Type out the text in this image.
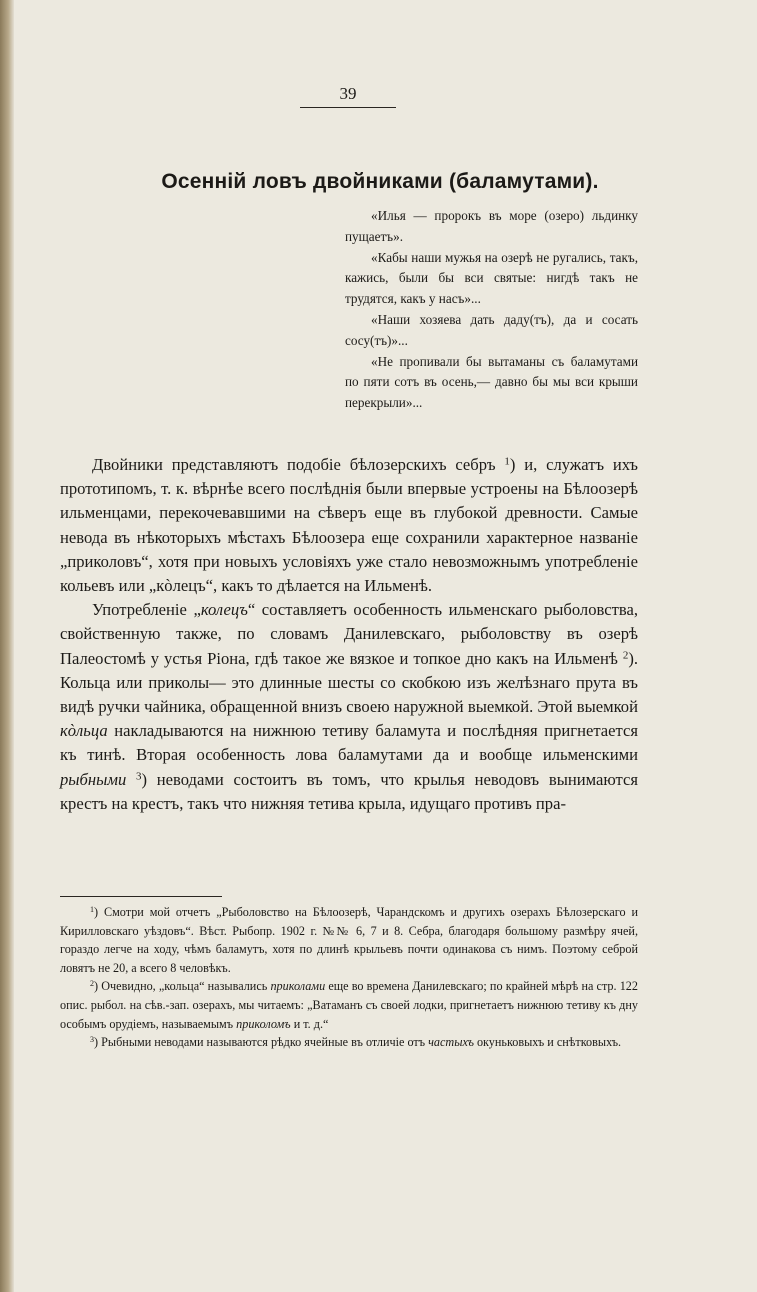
39
Осенній ловъ двойниками (баламутами).

«Илья — пророкъ въ море (озеро) льдинку пущаетъ».

«Кабы наши мужья на озерѣ не ругались, такъ, кажись, были бы вси святые: нигдѣ такъ не трудятся, какъ у насъ»...

«Наши хозяева дать даду(тъ), да и сосать сосу(тъ)»...

«Не пропивали бы вытаманы съ баламутами по пяти сотъ въ осень,— давно бы мы вси крыши перекрыли»...

Двойники представляютъ подобіе бѣлозерскихъ себръ $^1$) и, служатъ ихъ прототипомъ, т. к. вѣрнѣе всего послѣднія были впервые устроены на Бѣлоозерѣ ильменцами, перекочевавшими на сѣверъ еще въ глубокой древности. Самые невода въ нѣкоторыхъ мѣстахъ Бѣлоозера еще сохранили характерное названіе „приколовъ“, хотя при новыхъ условіяхъ уже стало невозможнымъ употребленіе кольевъ или „кòлецъ“, какъ то дѣлается на Ильменѣ.

Употребленіе „колецъ“ составляетъ особенность ильменскаго рыболовства, свойственную также, по словамъ Данилевскаго, рыболовству въ озерѣ Палеостомѣ у устья Ріона, гдѣ такое же вязкое и топкое дно какъ на Ильменѣ $^2$). Кольца или приколы— это длинные шесты со скобкою изъ желѣзнаго прута въ видѣ ручки чайника, обращенной внизъ своею наружной выемкой. Этой выемкой кòльца накладываются на нижнюю тетиву баламута и послѣдняя пригнетается къ тинѣ. Вторая особенность лова баламутами да и вообще ильменскими рыбными $^3$) неводами состоитъ въ томъ, что крылья неводовъ вынимаются крестъ на крестъ, такъ что нижняя тетива крыла, идущаго противъ пра-

$^1$) Смотри мой отчетъ „Рыболовство на Бѣлоозерѣ, Чарандскомъ и другихъ озерахъ Бѣлозерскаго и Кирилловскаго уѣздовъ“. Вѣст. Рыбопр. 1902 г. №№ 6, 7 и 8. Себра, благодаря большому размѣру ячей, гораздо легче на ходу, чѣмъ баламутъ, хотя по длинѣ крыльевъ почти одинакова съ нимъ. Поэтому себрой ловятъ не 20, а всего 8 человѣкъ.

$^2$) Очевидно, „кольца“ назывались приколами еще во времена Данилевскаго; по крайней мѣрѣ на стр. 122 опис. рыбол. на сѣв.-зап. озерахъ, мы читаемъ: „Ватаманъ съ своей лодки, пригнетаетъ нижнюю тетиву къ дну особымъ орудіемъ, называемымъ приколомъ и т. д.“

$^3$) Рыбными неводами называются рѣдко ячейные въ отличіе отъ частыхъ окуньковыхъ и снѣтковыхъ.
